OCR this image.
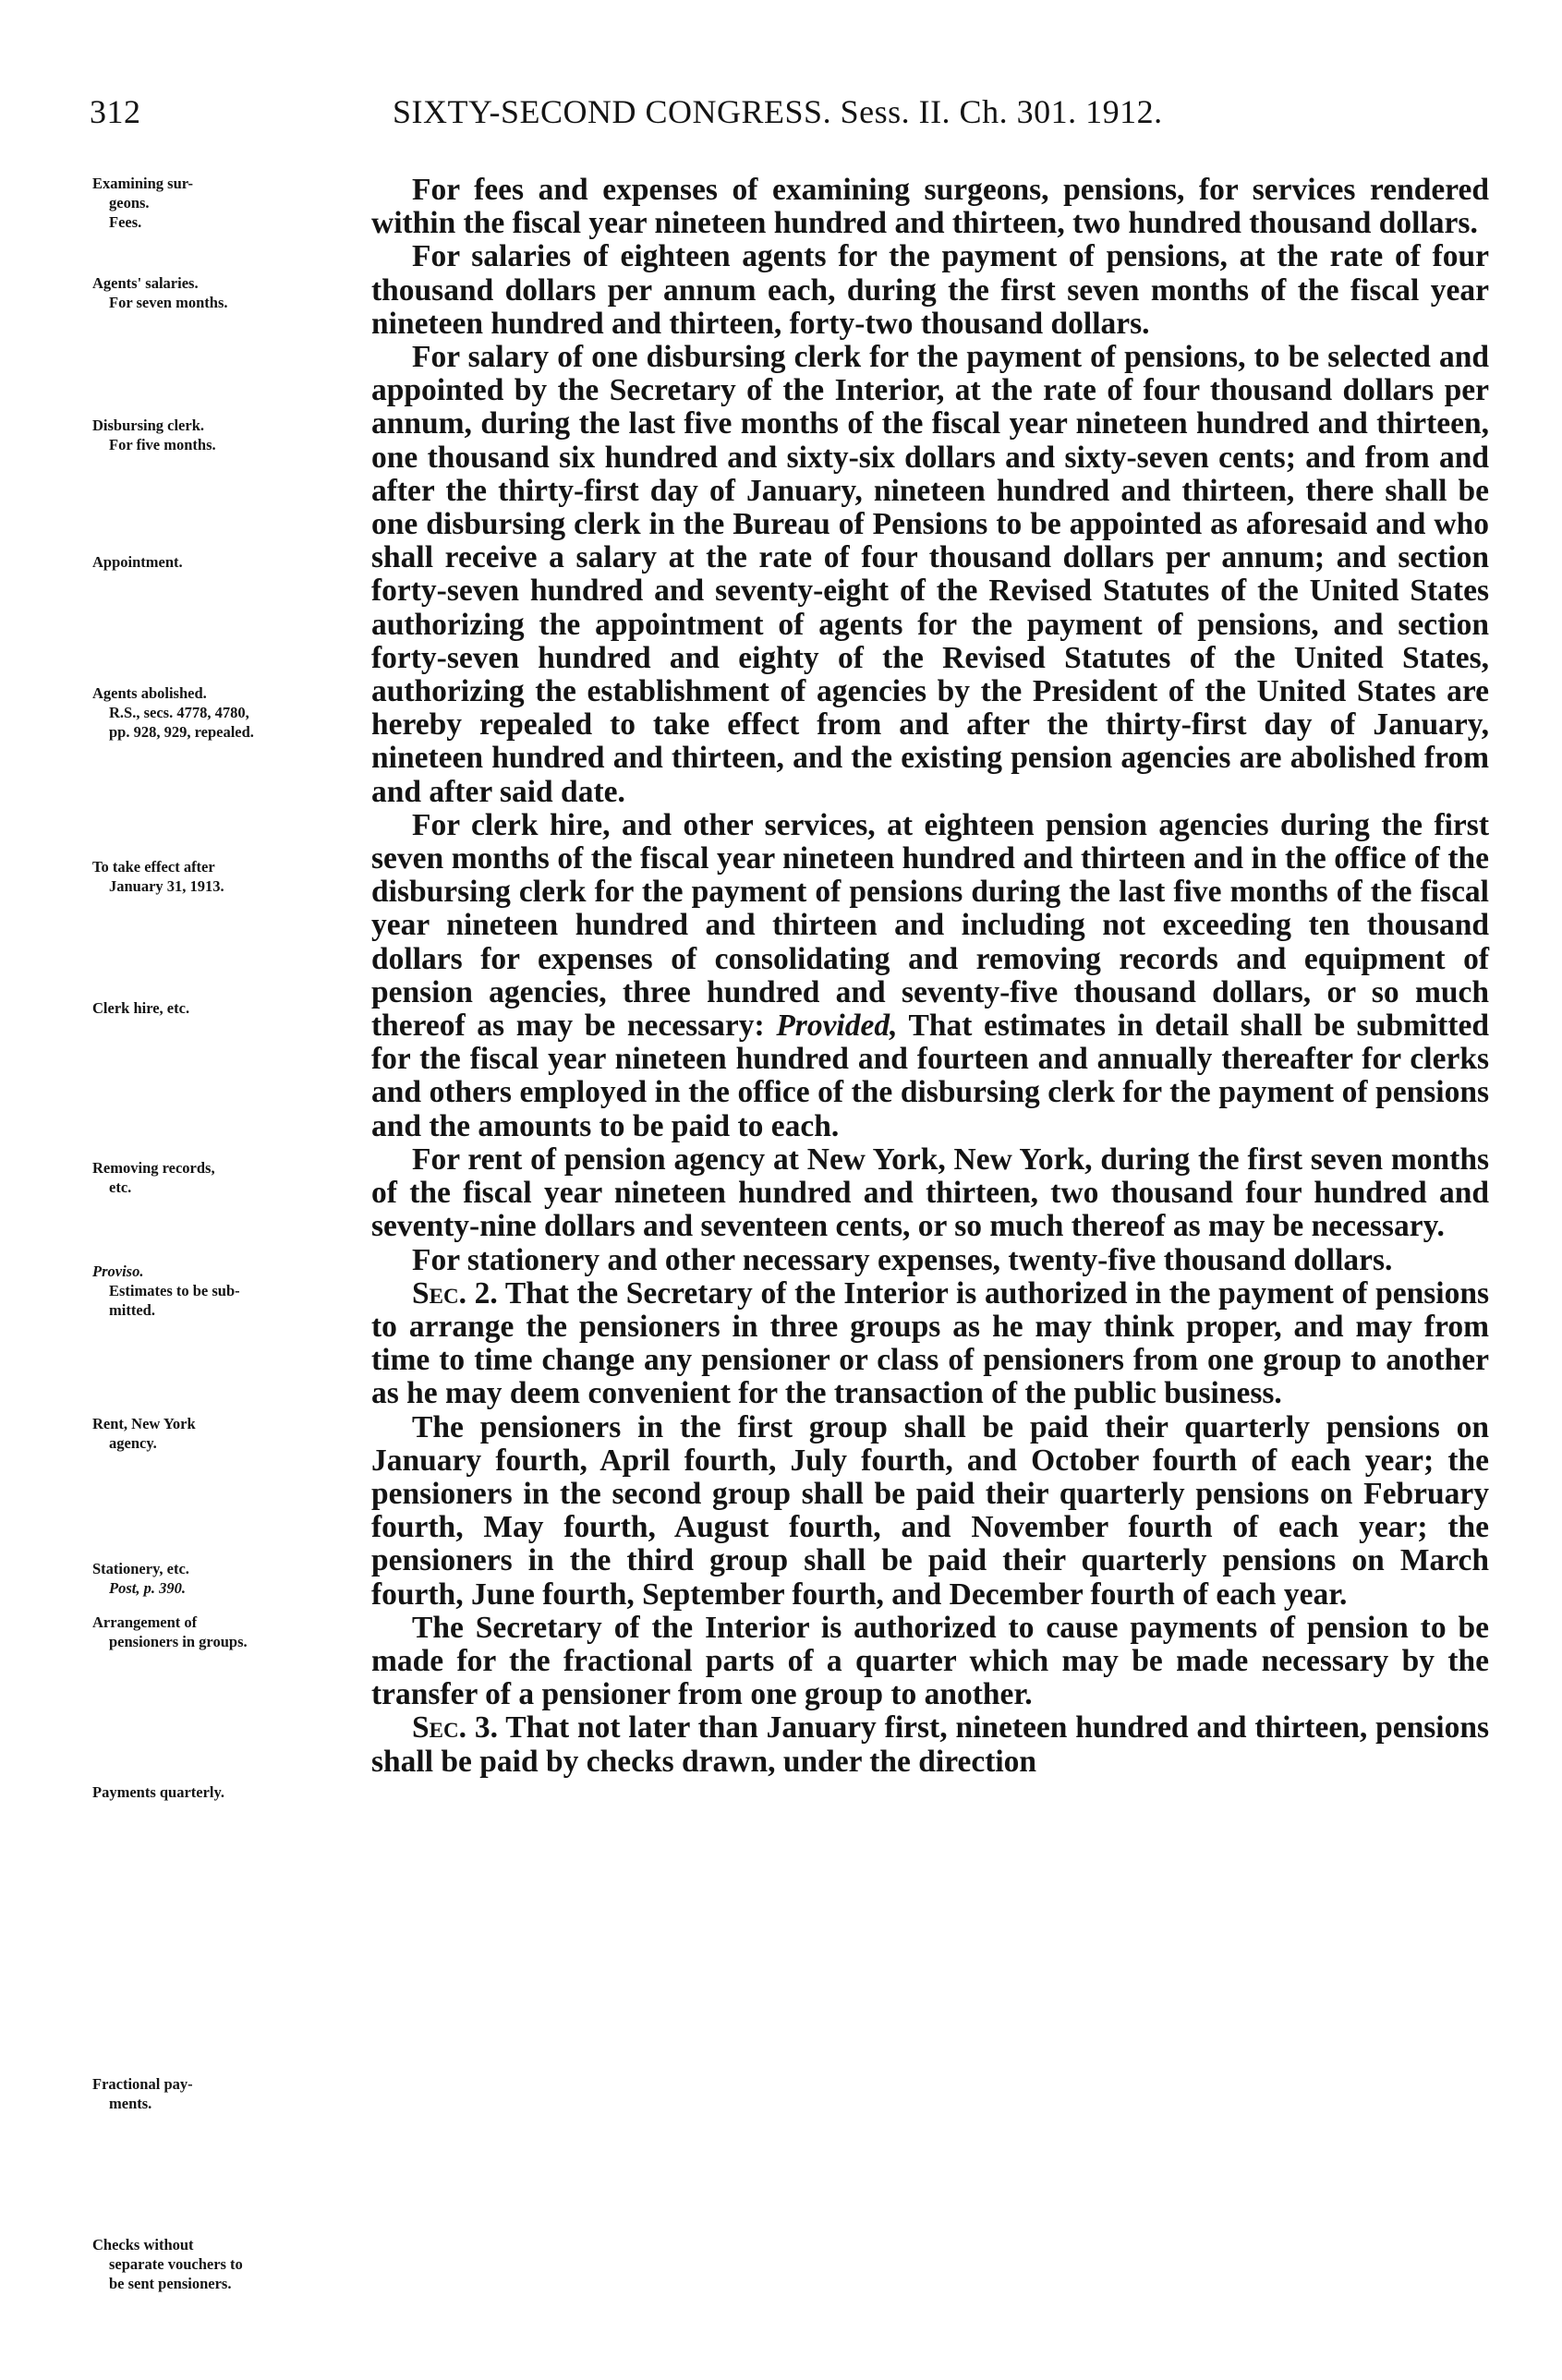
312	SIXTY-SECOND CONGRESS. Sess. II. Ch. 301. 1912.
Examining sur-
geons.
Fees.
Agents' salaries.
For seven months.
Disbursing clerk.
For five months.
Appointment.
Agents abolished.
R.S., secs. 4778, 4780,
pp. 928, 929, repealed.
To take effect after
January 31, 1913.
Clerk hire, etc.
Removing records,
etc.
Proviso.
Estimates to be sub-
mitted.
Rent, New York
agency.
Stationery, etc.
Post, p. 390.
Arrangement of
pensioners in groups.
Payments quarterly.
Fractional pay-
ments.
Checks without
separate vouchers to
be sent pensioners.

For fees and expenses of examining surgeons, pensions, for services rendered within the fiscal year nineteen hundred and thirteen, two hundred thousand dollars.

For salaries of eighteen agents for the payment of pensions, at the rate of four thousand dollars per annum each, during the first seven months of the fiscal year nineteen hundred and thirteen, forty-two thousand dollars.

For salary of one disbursing clerk for the payment of pensions, to be selected and appointed by the Secretary of the Interior, at the rate of four thousand dollars per annum, during the last five months of the fiscal year nineteen hundred and thirteen, one thousand six hundred and sixty-six dollars and sixty-seven cents; and from and after the thirty-first day of January, nineteen hundred and thirteen, there shall be one disbursing clerk in the Bureau of Pensions to be appointed as aforesaid and who shall receive a salary at the rate of four thousand dollars per annum; and section forty-seven hundred and seventy-eight of the Revised Statutes of the United States authorizing the appointment of agents for the payment of pensions, and section forty-seven hundred and eighty of the Revised Statutes of the United States, authorizing the establishment of agencies by the President of the United States are hereby repealed to take effect from and after the thirty-first day of January, nineteen hundred and thirteen, and the existing pension agencies are abolished from and after said date.

For clerk hire, and other services, at eighteen pension agencies during the first seven months of the fiscal year nineteen hundred and thirteen and in the office of the disbursing clerk for the payment of pensions during the last five months of the fiscal year nineteen hundred and thirteen and including not exceeding ten thousand dollars for expenses of consolidating and removing records and equipment of pension agencies, three hundred and seventy-five thousand dollars, or so much thereof as may be necessary: Provided, That estimates in detail shall be submitted for the fiscal year nineteen hundred and fourteen and annually thereafter for clerks and others employed in the office of the disbursing clerk for the payment of pensions and the amounts to be paid to each.

For rent of pension agency at New York, New York, during the first seven months of the fiscal year nineteen hundred and thirteen, two thousand four hundred and seventy-nine dollars and seventeen cents, or so much thereof as may be necessary.

For stationery and other necessary expenses, twenty-five thousand dollars.

Sec. 2. That the Secretary of the Interior is authorized in the payment of pensions to arrange the pensioners in three groups as he may think proper, and may from time to time change any pensioner or class of pensioners from one group to another as he may deem convenient for the transaction of the public business.

The pensioners in the first group shall be paid their quarterly pensions on January fourth, April fourth, July fourth, and October fourth of each year; the pensioners in the second group shall be paid their quarterly pensions on February fourth, May fourth, August fourth, and November fourth of each year; the pensioners in the third group shall be paid their quarterly pensions on March fourth, June fourth, September fourth, and December fourth of each year.

The Secretary of the Interior is authorized to cause payments of pension to be made for the fractional parts of a quarter which may be made necessary by the transfer of a pensioner from one group to another.

Sec. 3. That not later than January first, nineteen hundred and thirteen, pensions shall be paid by checks drawn, under the direction
